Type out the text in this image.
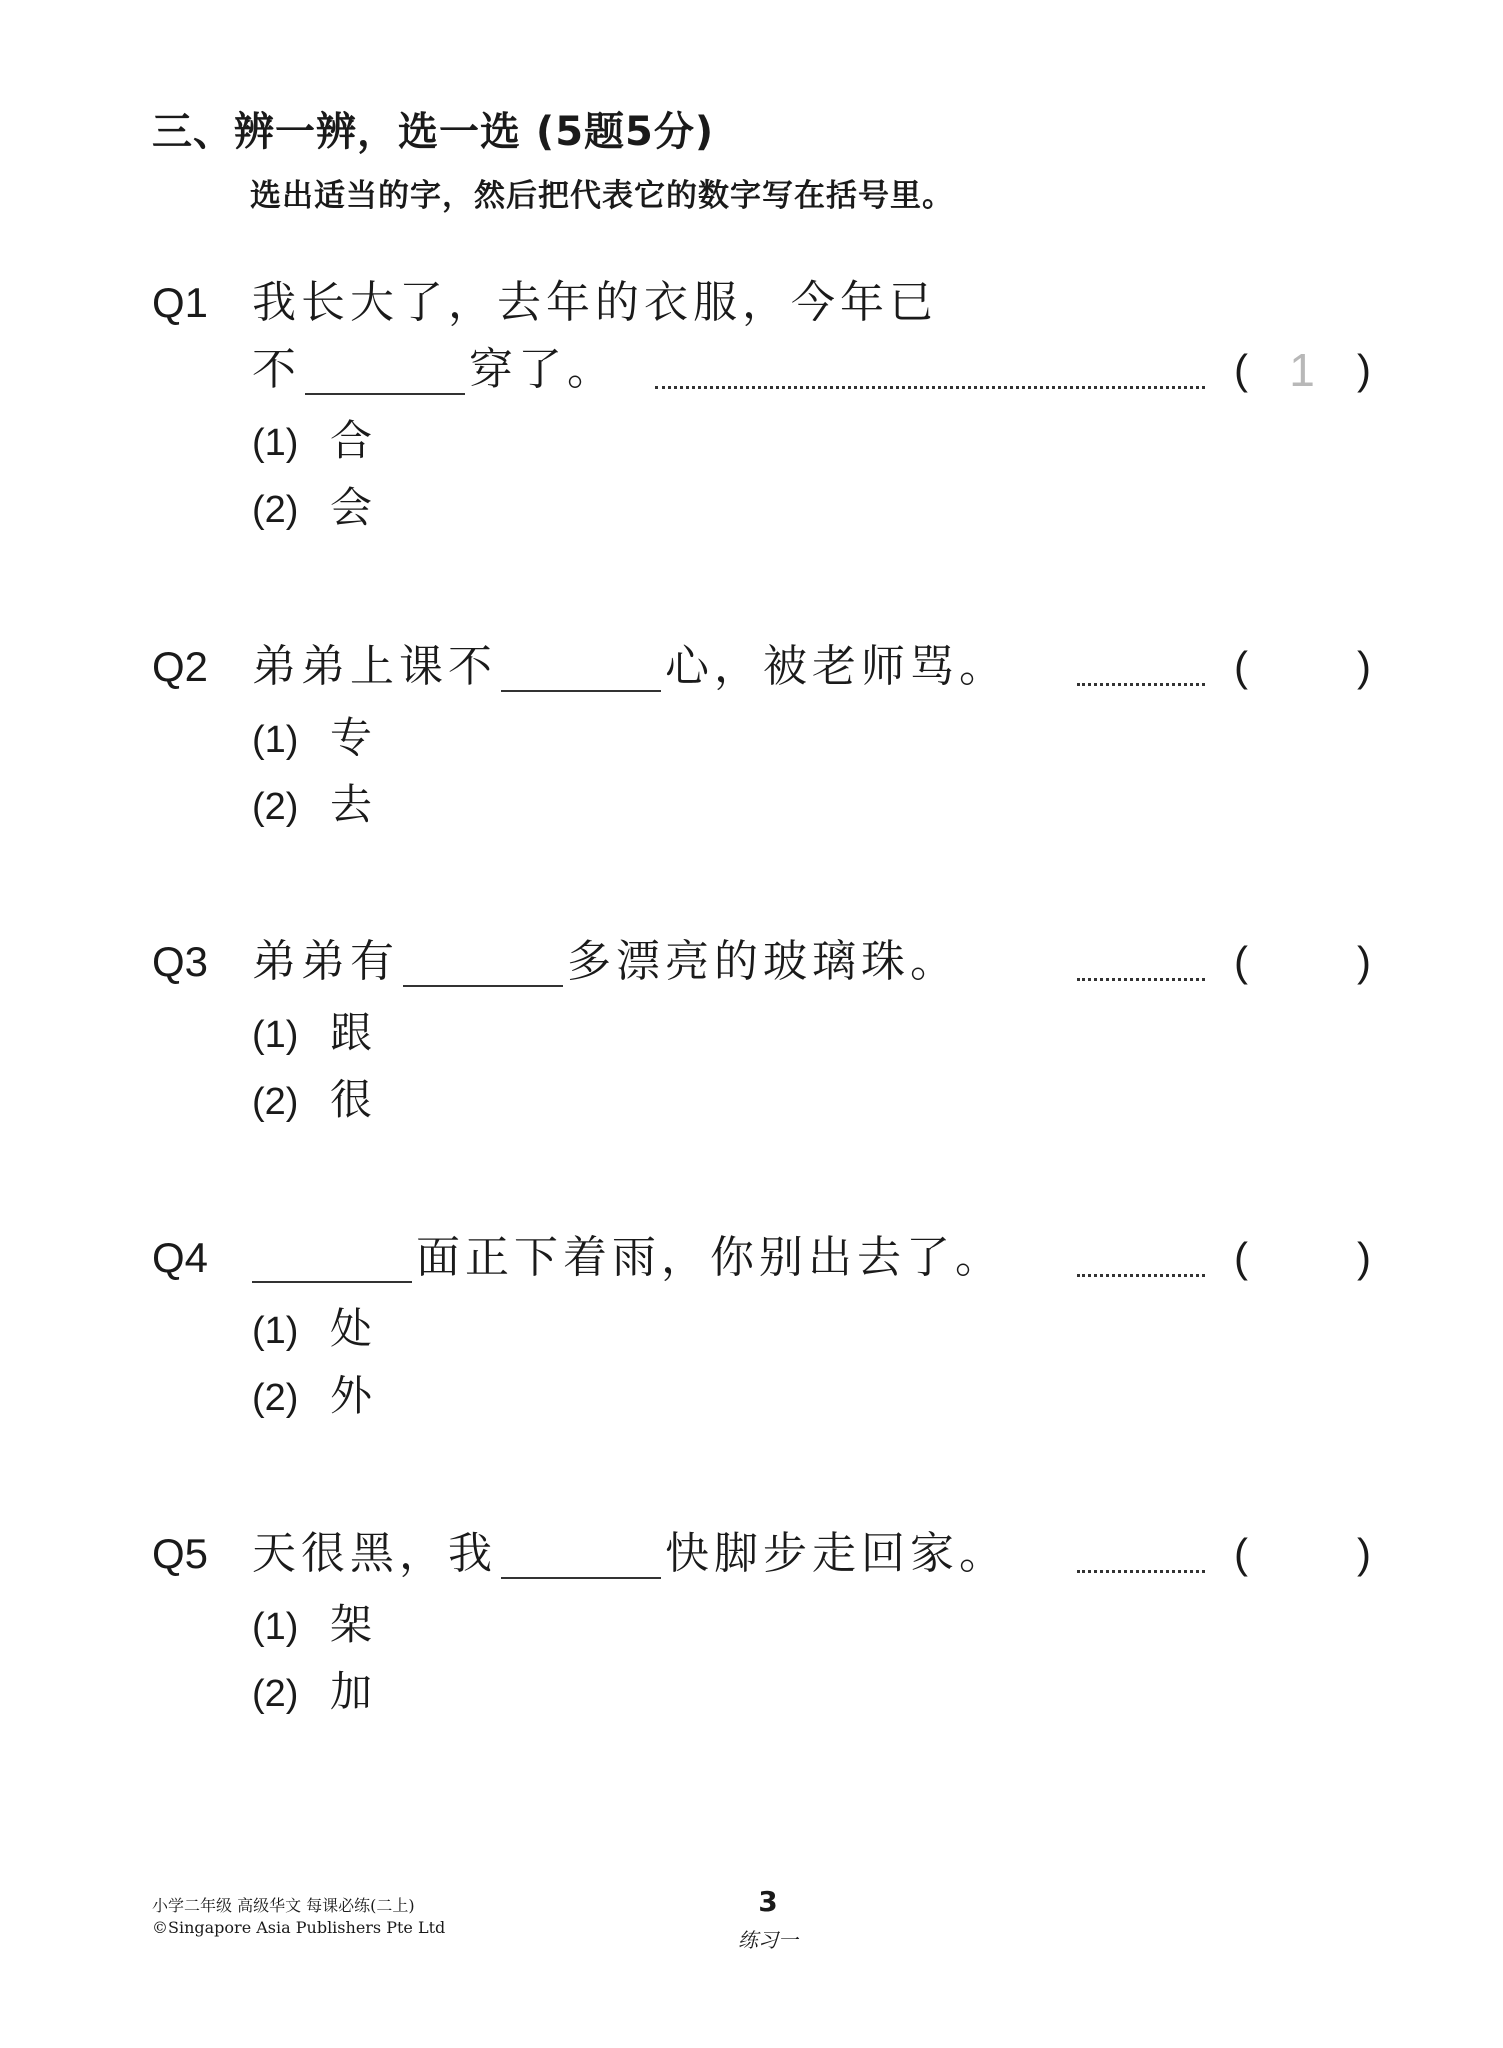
三、辨一辨，选一选 (5题5分)
选出适当的字，然后把代表它的数字写在括号里。
Q1 我长大了，去年的衣服，今年已
不	穿了。	( 1	)
(1) 合
(2) 会
Q2 弟弟上课不	心，被老师骂。	(	)
(1) 专
(2) 去
Q3 弟弟有	多漂亮的玻璃珠。	(	)
(1) 跟
(2) 很
Q4	面正下着雨，你别出去了。	(	)
(1) 处
(2) 外
Q5 天很黑，我	快脚步走回家。	(	)
(1) 架
(2) 加
小学二年级 高级华文 每课必练(二上)
©Singapore Asia Publishers Pte Ltd
3
练习一
